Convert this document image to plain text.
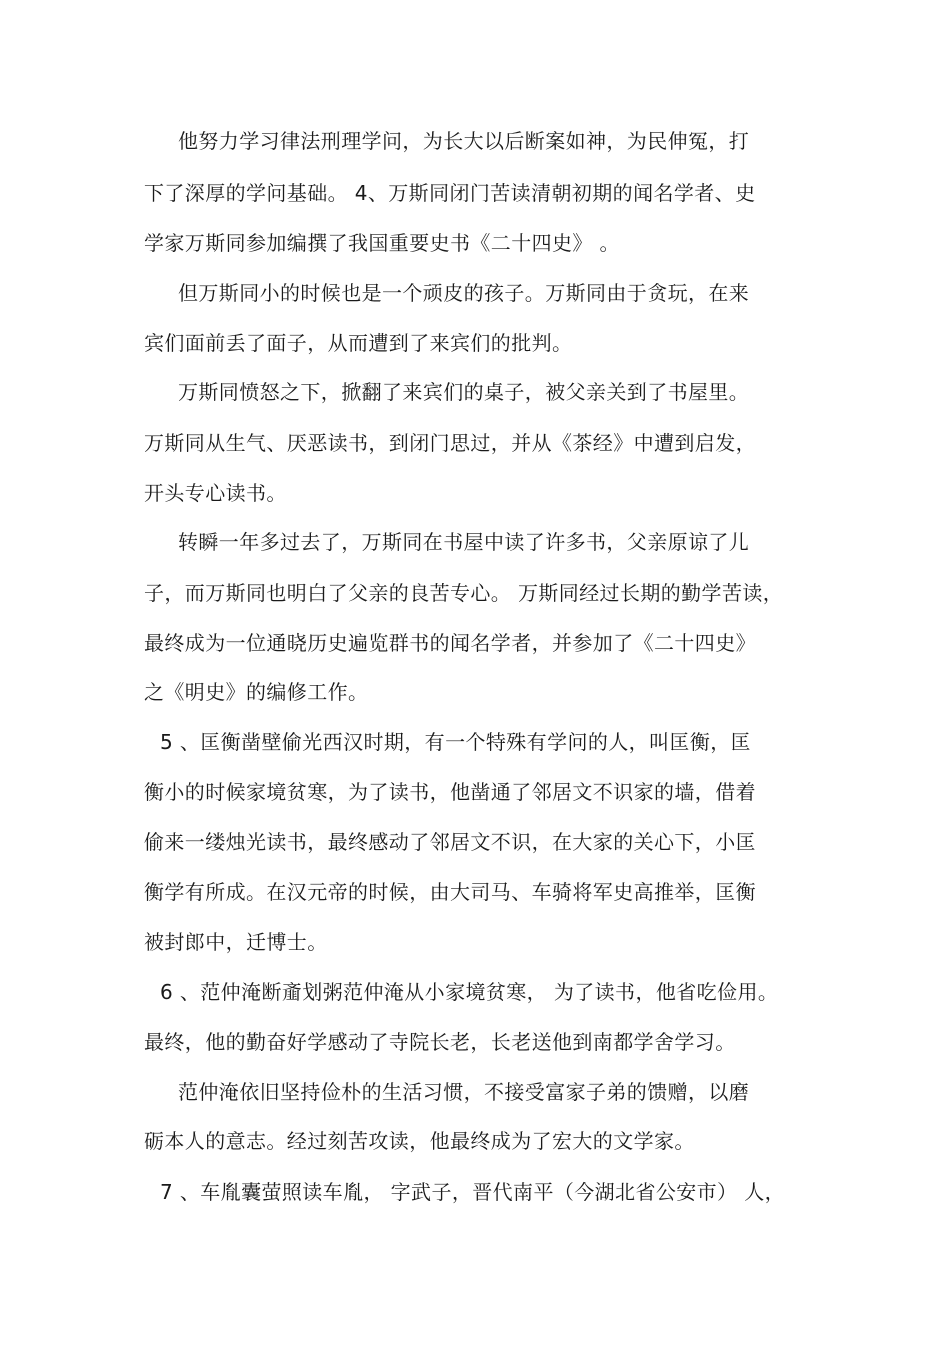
他努力学习律法刑理学问，为长大以后断案如神，为民伸冤，打
下了深厚的学问基础。 4、万斯同闭门苦读清朝初期的闻名学者、史
学家万斯同参加编撰了我国重要史书《二十四史》 。
但万斯同小的时候也是一个顽皮的孩子。万斯同由于贪玩，在来
宾们面前丢了面子，从而遭到了来宾们的批判。
万斯同愤怒之下，掀翻了来宾们的桌子，被父亲关到了书屋里。
万斯同从生气、厌恶读书，到闭门思过，并从《茶经》中遭到启发，
开头专心读书。
转瞬一年多过去了，万斯同在书屋中读了许多书，父亲原谅了儿
子，而万斯同也明白了父亲的良苦专心。 万斯同经过长期的勤学苦读，
最终成为一位通晓历史遍览群书的闻名学者，并参加了《二十四史》
之《明史》的编修工作。
5 、匡衡凿壁偷光西汉时期，有一个特殊有学问的人，叫匡衡，匡
衡小的时候家境贫寒，为了读书，他凿通了邻居文不识家的墙，借着
偷来一缕烛光读书，最终感动了邻居文不识，在大家的关心下，小匡
衡学有所成。在汉元帝的时候，由大司马、车骑将军史高推举，匡衡
被封郎中，迁博士。
6 、范仲淹断齑划粥范仲淹从小家境贫寒， 为了读书，他省吃俭用。
最终，他的勤奋好学感动了寺院长老，长老送他到南都学舍学习。
范仲淹依旧坚持俭朴的生活习惯，不接受富家子弟的馈赠，以磨
砺本人的意志。经过刻苦攻读，他最终成为了宏大的文学家。
7 、车胤囊萤照读车胤， 字武子，晋代南平（今湖北省公安市） 人，
